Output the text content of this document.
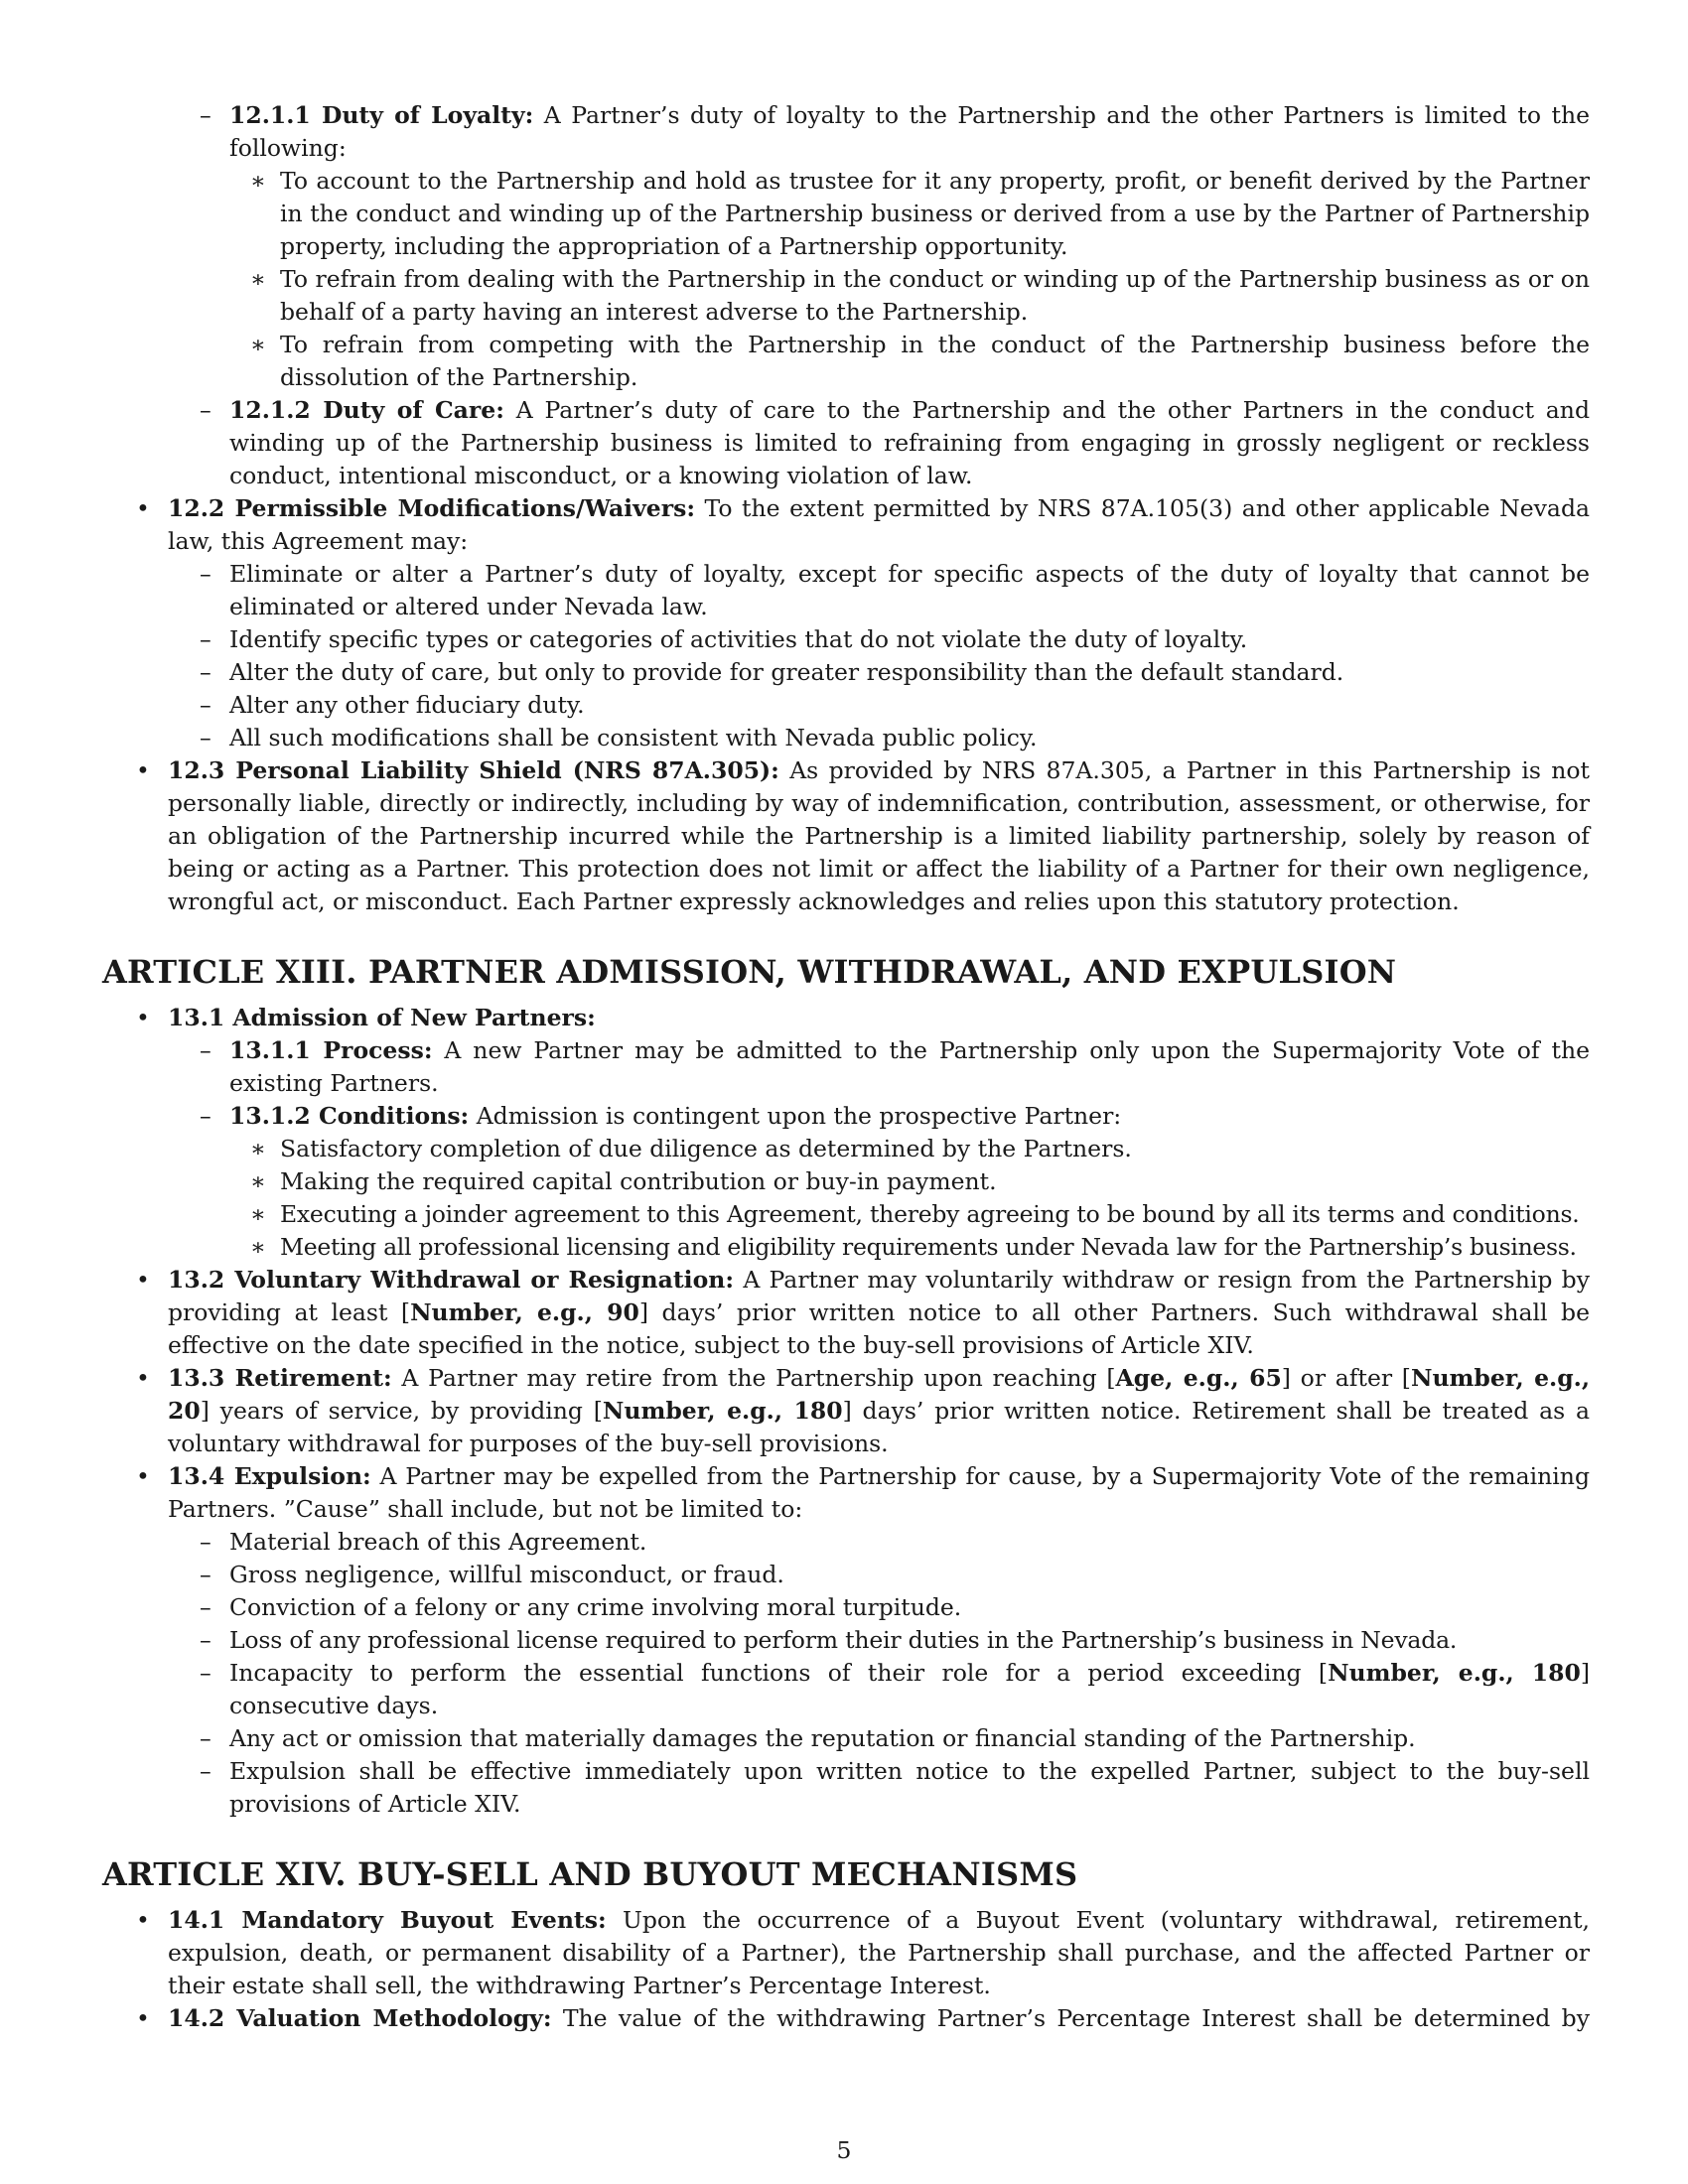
– 12.1.1 Duty of Loyalty: A Partner’s duty of loyalty to the Partnership and the other Partners is limited to the following:
∗ To account to the Partnership and hold as trustee for it any property, profit, or benefit derived by the Partner in the conduct and winding up of the Partnership business or derived from a use by the Partner of Partnership property, including the appropriation of a Partnership opportunity.
∗ To refrain from dealing with the Partnership in the conduct or winding up of the Partnership business as or on behalf of a party having an interest adverse to the Partnership.
∗ To refrain from competing with the Partnership in the conduct of the Partnership business before the dissolution of the Partnership.
– 12.1.2 Duty of Care: A Partner’s duty of care to the Partnership and the other Partners in the conduct and winding up of the Partnership business is limited to refraining from engaging in grossly negligent or reckless conduct, intentional misconduct, or a knowing violation of law.
• 12.2 Permissible Modifications/Waivers: To the extent permitted by NRS 87A.105(3) and other applicable Nevada law, this Agreement may:
– Eliminate or alter a Partner’s duty of loyalty, except for specific aspects of the duty of loyalty that cannot be eliminated or altered under Nevada law.
– Identify specific types or categories of activities that do not violate the duty of loyalty.
– Alter the duty of care, but only to provide for greater responsibility than the default standard.
– Alter any other fiduciary duty.
– All such modifications shall be consistent with Nevada public policy.
• 12.3 Personal Liability Shield (NRS 87A.305): As provided by NRS 87A.305, a Partner in this Partnership is not personally liable, directly or indirectly, including by way of indemnification, contribution, assessment, or otherwise, for an obligation of the Partnership incurred while the Partnership is a limited liability partnership, solely by reason of being or acting as a Partner. This protection does not limit or affect the liability of a Partner for their own negligence, wrongful act, or misconduct. Each Partner expressly acknowledges and relies upon this statutory protection.
ARTICLE XIII. PARTNER ADMISSION, WITHDRAWAL, AND EXPULSION
• 13.1 Admission of New Partners:
– 13.1.1 Process: A new Partner may be admitted to the Partnership only upon the Supermajority Vote of the existing Partners.
– 13.1.2 Conditions: Admission is contingent upon the prospective Partner:
∗ Satisfactory completion of due diligence as determined by the Partners.
∗ Making the required capital contribution or buy-in payment.
∗ Executing a joinder agreement to this Agreement, thereby agreeing to be bound by all its terms and conditions.
∗ Meeting all professional licensing and eligibility requirements under Nevada law for the Partnership’s business.
• 13.2 Voluntary Withdrawal or Resignation: A Partner may voluntarily withdraw or resign from the Partnership by providing at least [Number, e.g., 90] days’ prior written notice to all other Partners. Such withdrawal shall be effective on the date specified in the notice, subject to the buy-sell provisions of Article XIV.
• 13.3 Retirement: A Partner may retire from the Partnership upon reaching [Age, e.g., 65] or after [Number, e.g., 20] years of service, by providing [Number, e.g., 180] days’ prior written notice. Retirement shall be treated as a voluntary withdrawal for purposes of the buy-sell provisions.
• 13.4 Expulsion: A Partner may be expelled from the Partnership for cause, by a Supermajority Vote of the remaining Partners. ”Cause” shall include, but not be limited to:
– Material breach of this Agreement.
– Gross negligence, willful misconduct, or fraud.
– Conviction of a felony or any crime involving moral turpitude.
– Loss of any professional license required to perform their duties in the Partnership’s business in Nevada.
– Incapacity to perform the essential functions of their role for a period exceeding [Number, e.g., 180] consecutive days.
– Any act or omission that materially damages the reputation or financial standing of the Partnership.
– Expulsion shall be effective immediately upon written notice to the expelled Partner, subject to the buy-sell provisions of Article XIV.
ARTICLE XIV. BUY-SELL AND BUYOUT MECHANISMS
• 14.1 Mandatory Buyout Events: Upon the occurrence of a Buyout Event (voluntary withdrawal, retirement, expulsion, death, or permanent disability of a Partner), the Partnership shall purchase, and the affected Partner or their estate shall sell, the withdrawing Partner’s Percentage Interest.
• 14.2 Valuation Methodology: The value of the withdrawing Partner’s Percentage Interest shall be determined by
5
